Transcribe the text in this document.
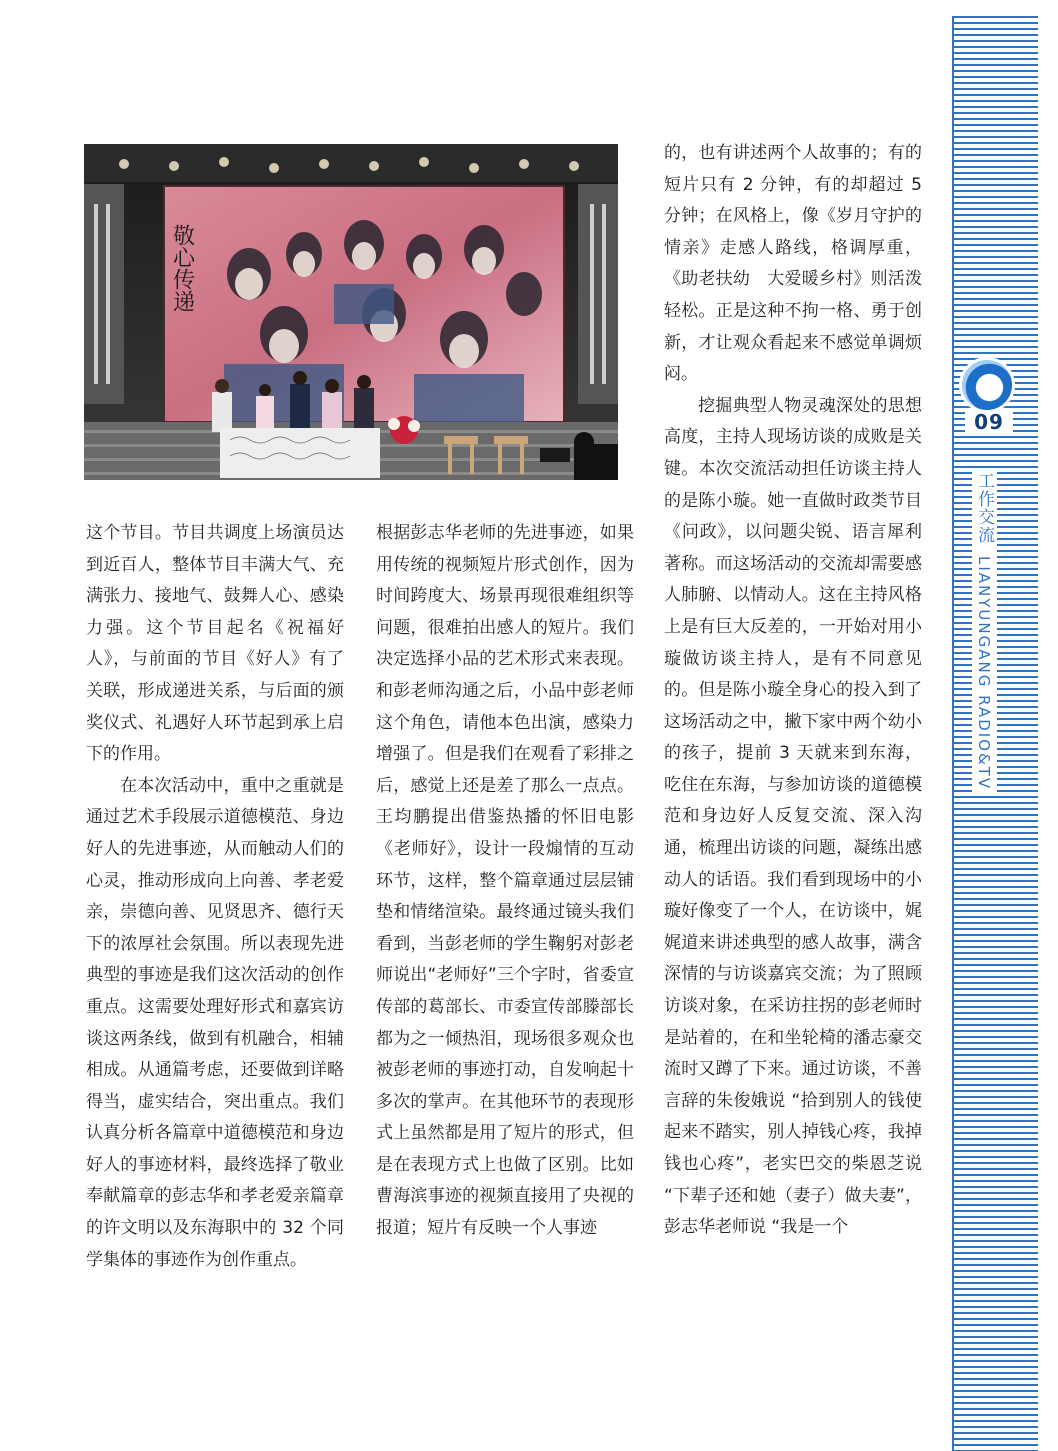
09
工作交流 LIANYUNGANG RADIO&TV
敬心传递

这个节目。节目共调度上场演员达到近百人，整体节目丰满大气、充满张力、接地气、鼓舞人心、感染力强。这个节目起名《祝福好人》，与前面的节目《好人》有了关联，形成递进关系，与后面的颁奖仪式、礼遇好人环节起到承上启下的作用。

在本次活动中，重中之重就是通过艺术手段展示道德模范、身边好人的先进事迹，从而触动人们的心灵，推动形成向上向善、孝老爱亲，崇德向善、见贤思齐、德行天下的浓厚社会氛围。所以表现先进典型的事迹是我们这次活动的创作重点。这需要处理好形式和嘉宾访谈这两条线，做到有机融合，相辅相成。从通篇考虑，还要做到详略得当，虚实结合，突出重点。我们认真分析各篇章中道德模范和身边好人的事迹材料，最终选择了敬业奉献篇章的彭志华和孝老爱亲篇章的许文明以及东海职中的 32 个同学集体的事迹作为创作重点。

根据彭志华老师的先进事迹，如果用传统的视频短片形式创作，因为时间跨度大、场景再现很难组织等问题，很难拍出感人的短片。我们决定选择小品的艺术形式来表现。和彭老师沟通之后，小品中彭老师这个角色，请他本色出演，感染力增强了。但是我们在观看了彩排之后，感觉上还是差了那么一点点。王均鹏提出借鉴热播的怀旧电影《老师好》，设计一段煽情的互动环节，这样，整个篇章通过层层铺垫和情绪渲染。最终通过镜头我们看到，当彭老师的学生鞠躬对彭老师说出“老师好”三个字时，省委宣传部的葛部长、市委宣传部滕部长都为之一倾热泪，现场很多观众也被彭老师的事迹打动，自发响起十多次的掌声。在其他环节的表现形式上虽然都是用了短片的形式，但是在表现方式上也做了区别。比如曹海滨事迹的视频直接用了央视的报道；短片有反映一个人事迹

的，也有讲述两个人故事的；有的短片只有 2 分钟，有的却超过 5 分钟；在风格上，像《岁月守护的情亲》走感人路线，格调厚重，《助老扶幼　大爱暖乡村》则活泼轻松。正是这种不拘一格、勇于创新，才让观众看起来不感觉单调烦闷。

挖掘典型人物灵魂深处的思想高度，主持人现场访谈的成败是关键。本次交流活动担任访谈主持人的是陈小璇。她一直做时政类节目《问政》，以问题尖锐、语言犀利著称。而这场活动的交流却需要感人肺腑、以情动人。这在主持风格上是有巨大反差的，一开始对用小璇做访谈主持人，是有不同意见的。但是陈小璇全身心的投入到了这场活动之中，撇下家中两个幼小的孩子，提前 3 天就来到东海，吃住在东海，与参加访谈的道德模范和身边好人反复交流、深入沟通，梳理出访谈的问题，凝练出感动人的话语。我们看到现场中的小璇好像变了一个人，在访谈中，娓娓道来讲述典型的感人故事，满含深情的与访谈嘉宾交流；为了照顾访谈对象，在采访拄拐的彭老师时是站着的，在和坐轮椅的潘志豪交流时又蹲了下来。通过访谈，不善言辞的朱俊娥说 “拾到别人的钱使起来不踏实，别人掉钱心疼，我掉钱也心疼”，老实巴交的柴恩芝说 “下辈子还和她（妻子）做夫妻”，彭志华老师说 “我是一个
